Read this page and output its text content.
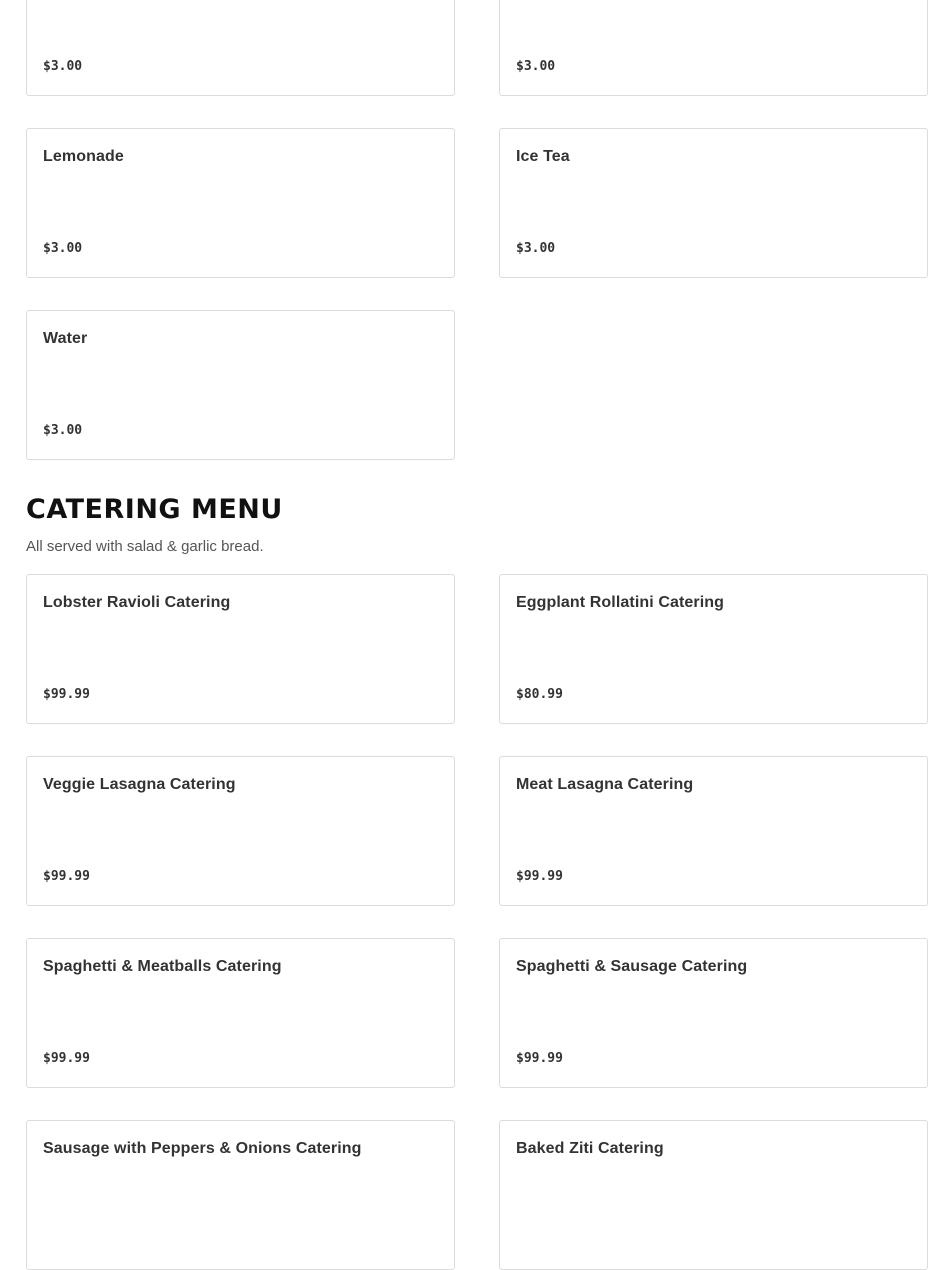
$3.00	$3.00
Lemonade
$3.00
Ice Tea
$3.00
Water
$3.00
CATERING MENU

All served with salad & garlic bread.

Lobster Ravioli Catering
$99.99
Eggplant Rollatini Catering
$80.99
Veggie Lasagna Catering
$99.99
Meat Lasagna Catering
$99.99
Spaghetti & Meatballs Catering
$99.99
Spaghetti & Sausage Catering
$99.99
Sausage with Peppers & Onions Catering	Baked Ziti Catering
